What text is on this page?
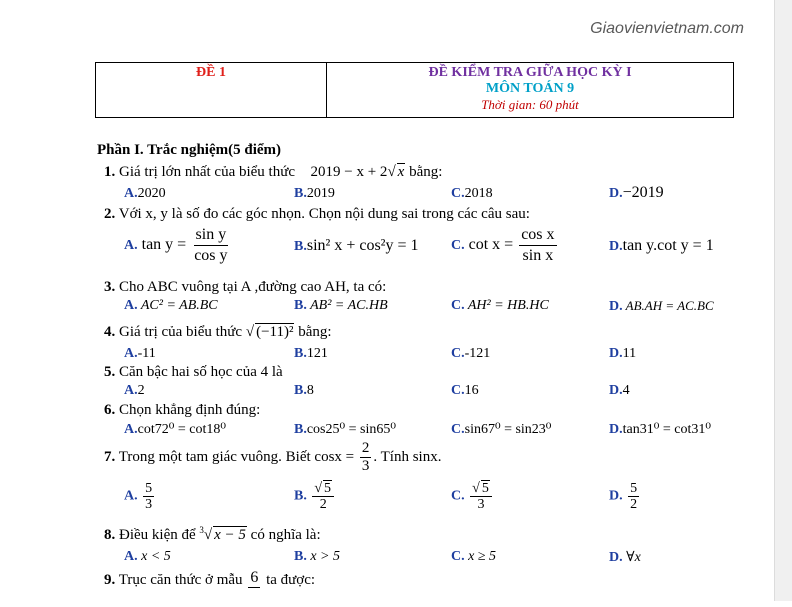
Giaovienvietnam.com
ĐỀ 1	ĐỀ KIỂM TRA GIỮA HỌC KỲ I
MÔN TOÁN 9
Thời gian: 60 phút
Phần I. Trắc nghiệm(5 điểm)
1. Giá trị lớn nhất của biểu thức 2019 − x + 2√ x bằng:
A.2020	B.2019	C.2018	D.−2019
2. Với x, y là số đo các góc nhọn. Chọn nội dung sai trong các câu sau:
A. $\tan y = \frac{\text{sin y}}{\text{cos y}}$	B.sin² x + cos²y = 1 C. $\cot x = \frac{\text{cos x}}{\text{sin x}}$	D.tan y.cot y = 1
3. Cho ABC vuông tại A ,đường cao AH, ta có:
A. AC² = AB.BC	B. AB² = AC.HB	C. AH² = HB.HC	D. AB.AH = AC.BC
4. Giá trị của biểu thức √ (−11)² bằng:
A.-11	B.121	C.-121	D.11
5. Căn bậc hai số học của 4 là
A.2	B.8	C.16	D.4
6. Chọn khẳng định đúng:
A.cot72⁰ = cot18⁰	B.cos25⁰ = sin65⁰	C.sin67⁰ = sin23⁰	D.tan31⁰ = cot31⁰
7. Trong một tam giác vuông. Biết $\cos x = \frac{2}{3}$ . Tính sinx.
A. $\frac{5}{3}$	B. $\frac{√ 5}{2}$	C. $\frac{√ 5}{3}$	D. $\frac{5}{2}$
8. Điều kiện để $^3$√ x − 5 có nghĩa là:
A. x < 5	B. x > 5	C. x ≥ 5	D. ∀x
9. Trục căn thức ở mẫu 6
ta được:
